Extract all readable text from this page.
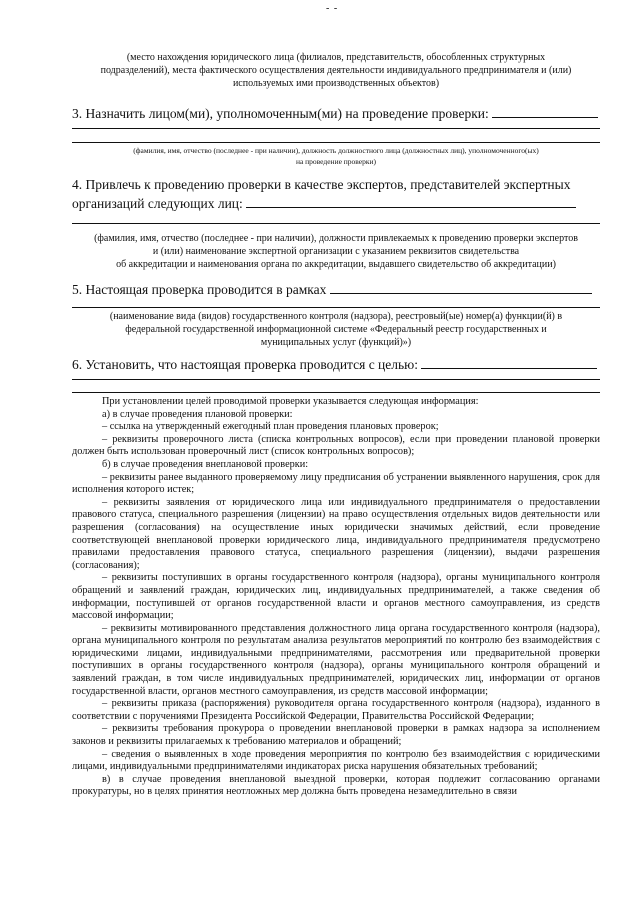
- -
(место нахождения юридического лица (филиалов, представительств, обособленных структурных
подразделений), места фактического осуществления деятельности индивидуального предпринимателя и (или)
используемых ими производственных объектов)
3. Назначить лицом(ми), уполномоченным(ми) на проведение проверки:
(фамилия, имя, отчество (последнее - при наличии), должность должностного лица (должностных лиц), уполномоченного(ых)
на проведение проверки)
4. Привлечь к проведению проверки в качестве экспертов, представителей экспертных
организаций следующих лиц:
(фамилия, имя, отчество (последнее - при наличии), должности привлекаемых к проведению проверки экспертов
и (или) наименование экспертной организации с указанием реквизитов свидетельства
об аккредитации и наименования органа по аккредитации, выдавшего свидетельство об аккредитации)
5. Настоящая проверка проводится в рамках
(наименование вида (видов) государственного контроля (надзора), реестровый(ые) номер(а) функции(й) в
федеральной государственной информационной системе «Федеральный реестр государственных и
муниципальных услуг (функций)»)
6. Установить, что настоящая проверка проводится с целью:

При установлении целей проводимой проверки указывается следующая информация:

а) в случае проведения плановой проверки:

– ссылка на утвержденный ежегодный план проведения плановых проверок;

– реквизиты проверочного листа (списка контрольных вопросов), если при проведении плановой проверки должен быть использован проверочный лист (список контрольных вопросов);

б) в случае проведения внеплановой проверки:

– реквизиты ранее выданного проверяемому лицу предписания об устранении выявленного нарушения, срок для исполнения которого истек;

– реквизиты заявления от юридического лица или индивидуального предпринимателя о предоставлении правового статуса, специального разрешения (лицензии) на право осуществления отдельных видов деятельности или разрешения (согласования) на осуществление иных юридически значимых действий, если проведение соответствующей внеплановой проверки юридического лица, индивидуального предпринимателя предусмотрено правилами предоставления правового статуса, специального разрешения (лицензии), выдачи разрешения (согласования);

– реквизиты поступивших в органы государственного контроля (надзора), органы муниципального контроля обращений и заявлений граждан, юридических лиц, индивидуальных предпринимателей, а также сведения об информации, поступившей от органов государственной власти и органов местного самоуправления, из средств массовой информации;

– реквизиты мотивированного представления должностного лица органа государственного контроля (надзора), органа муниципального контроля по результатам анализа результатов мероприятий по контролю без взаимодействия с юридическими лицами, индивидуальными предпринимателями, рассмотрения или предварительной проверки поступивших в органы государственного контроля (надзора), органы муниципального контроля обращений и заявлений граждан, в том числе индивидуальных предпринимателей, юридических лиц, информации от органов государственной власти, органов местного самоуправления, из средств массовой информации;

– реквизиты приказа (распоряжения) руководителя органа государственного контроля (надзора), изданного в соответствии с поручениями Президента Российской Федерации, Правительства Российской Федерации;

– реквизиты требования прокурора о проведении внеплановой проверки в рамках надзора за исполнением законов и реквизиты прилагаемых к требованию материалов и обращений;

– сведения о выявленных в ходе проведения мероприятия по контролю без взаимодействия с юридическими лицами, индивидуальными предпринимателями индикаторах риска нарушения обязательных требований;

в) в случае проведения внеплановой выездной проверки, которая подлежит согласованию органами прокуратуры, но в целях принятия неотложных мер должна быть проведена незамедлительно в связи
